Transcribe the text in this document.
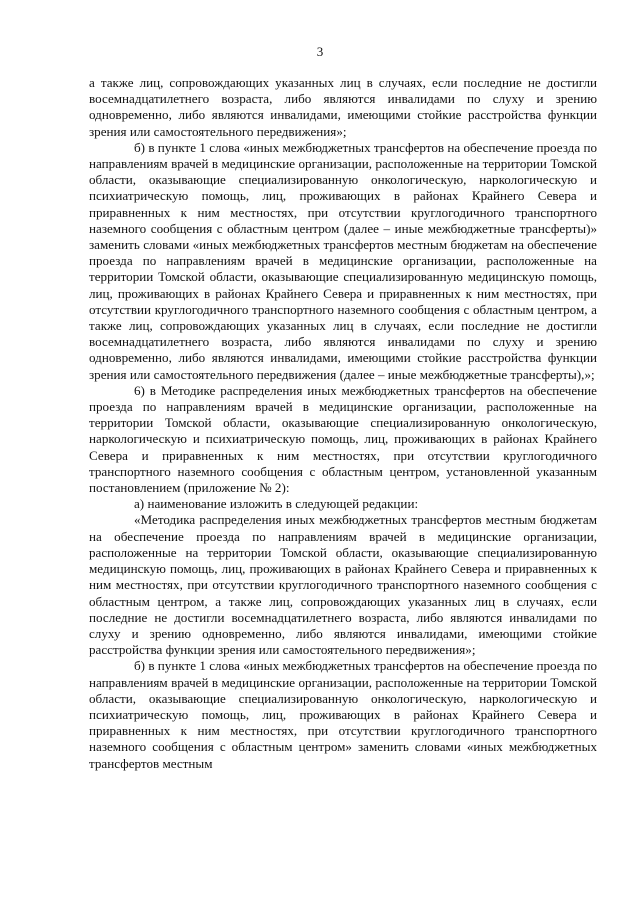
3

а также лиц, сопровождающих указанных лиц в случаях, если последние не достигли восемнадцатилетнего возраста, либо являются инвалидами по слуху и зрению одновременно, либо являются инвалидами, имеющими стойкие расстройства функции зрения или самостоятельного передвижения»;

б) в пункте 1 слова «иных межбюджетных трансфертов на обеспечение проезда по направлениям врачей в медицинские организации, расположенные на территории Томской области, оказывающие специализированную онкологическую, наркологическую и психиатрическую помощь, лиц, проживающих в районах Крайнего Севера и приравненных к ним местностях, при отсутствии круглогодичного транспортного наземного сообщения с областным центром (далее – иные межбюджетные трансферты)» заменить словами «иных межбюджетных трансфертов местным бюджетам на обеспечение проезда по направлениям врачей в медицинские организации, расположенные на территории Томской области, оказывающие специализированную медицинскую помощь, лиц, проживающих в районах Крайнего Севера и приравненных к ним местностях, при отсутствии круглогодичного транспортного наземного сообщения с областным центром, а также лиц, сопровождающих указанных лиц в случаях, если последние не достигли восемнадцатилетнего возраста, либо являются инвалидами по слуху и зрению одновременно, либо являются инвалидами, имеющими стойкие расстройства функции зрения или самостоятельного передвижения (далее – иные межбюджетные трансферты),»;

6) в Методике распределения иных межбюджетных трансфертов на обеспечение проезда по направлениям врачей в медицинские организации, расположенные на территории Томской области, оказывающие специализированную онкологическую, наркологическую и психиатрическую помощь, лиц, проживающих в районах Крайнего Севера и приравненных к ним местностях, при отсутствии круглогодичного транспортного наземного сообщения с областным центром, установленной указанным постановлением (приложение № 2):

а) наименование изложить в следующей редакции:

«Методика распределения иных межбюджетных трансфертов местным бюджетам на обеспечение проезда по направлениям врачей в медицинские организации, расположенные на территории Томской области, оказывающие специализированную медицинскую помощь, лиц, проживающих в районах Крайнего Севера и приравненных к ним местностях, при отсутствии круглогодичного транспортного наземного сообщения с областным центром, а также лиц, сопровождающих указанных лиц в случаях, если последние не достигли восемнадцатилетнего возраста, либо являются инвалидами по слуху и зрению одновременно, либо являются инвалидами, имеющими стойкие расстройства функции зрения или самостоятельного передвижения»;

б) в пункте 1 слова «иных межбюджетных трансфертов на обеспечение проезда по направлениям врачей в медицинские организации, расположенные на территории Томской области, оказывающие специализированную онкологическую, наркологическую и психиатрическую помощь, лиц, проживающих в районах Крайнего Севера и приравненных к ним местностях, при отсутствии круглогодичного транспортного наземного сообщения с областным центром» заменить словами «иных межбюджетных трансфертов местным
